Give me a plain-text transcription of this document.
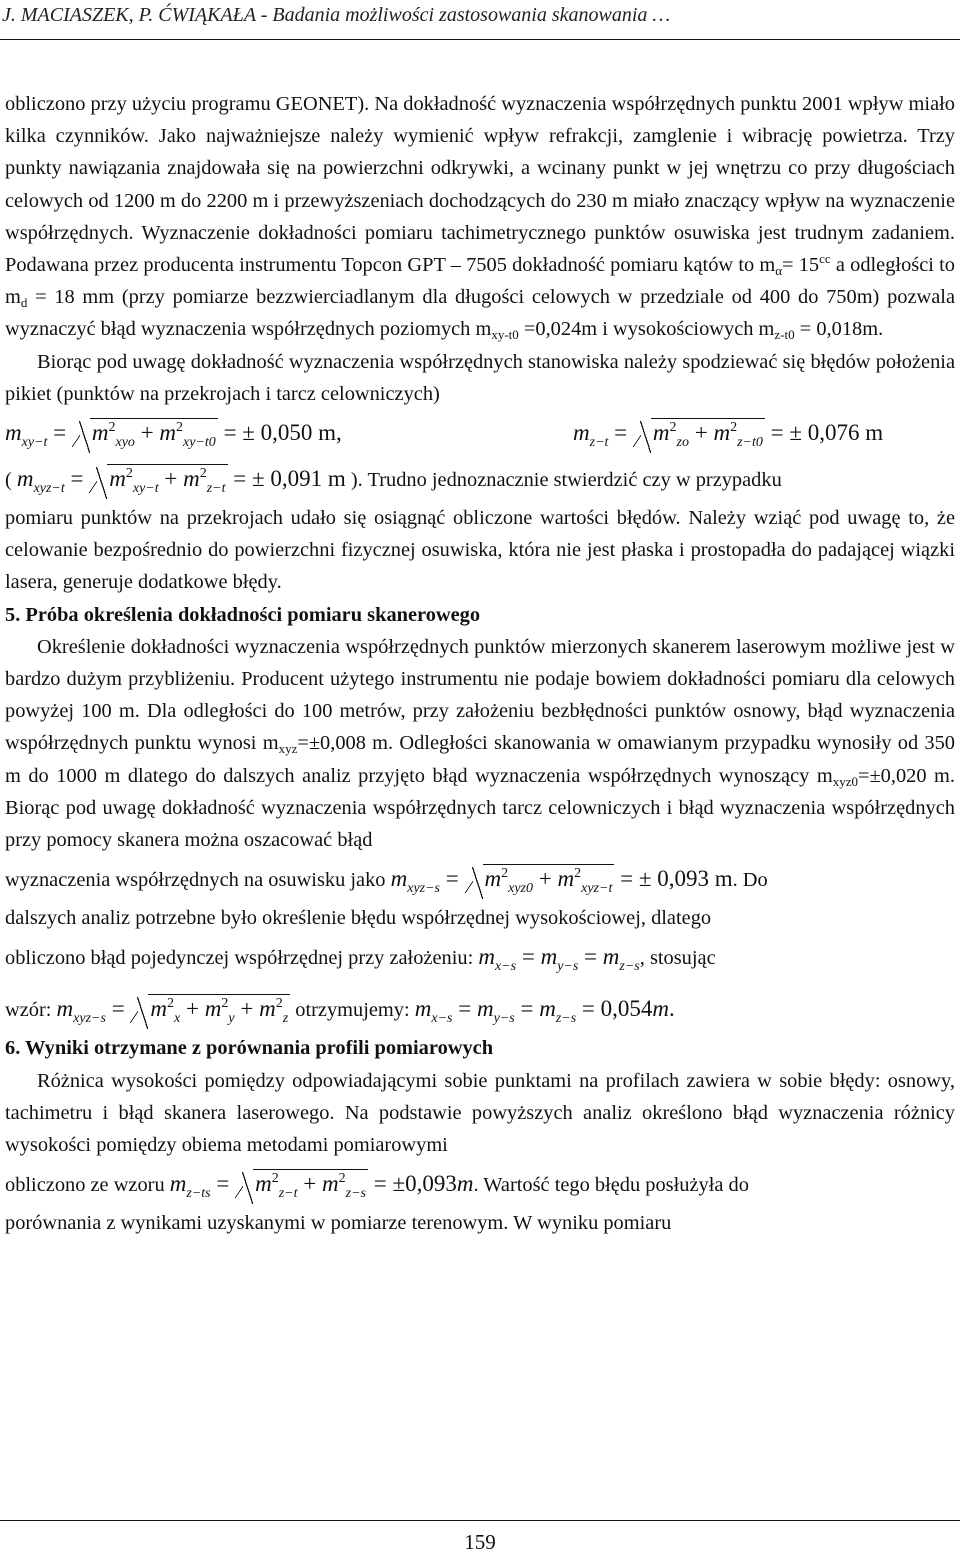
J. MACIASZEK, P. ĆWIĄKAŁA - Badania możliwości zastosowania skanowania …

obliczono przy użyciu programu GEONET). Na dokładność wyznaczenia współrzędnych punktu 2001 wpływ miało kilka czynników. Jako najważniejsze należy wymienić wpływ refrakcji, zamglenie i wibrację powietrza. Trzy punkty nawiązania znajdowała się na powierzchni odkrywki, a wcinany punkt w jej wnętrzu co przy długościach celowych od 1200 m do 2200 m i przewyższeniach dochodzących do 230 m miało znaczący wpływ na wyznaczenie współrzędnych. Wyznaczenie dokładności pomiaru tachimetrycznego punktów osuwiska jest trudnym zadaniem. Podawana przez producenta instrumentu Topcon GPT – 7505 dokładność pomiaru kątów to $m_\alpha= 15^{cc}$ a odległości to $m_d = 18$ mm (przy pomiarze bezzwierciadlanym dla długości celowych w przedziale od 400 do 750m) pozwala wyznaczyć błąd wyznaczenia współrzędnych poziomych $m_{xy-t0} =0,024m$ i wysokościowych $m_{z-t0} = 0,018m$.

Biorąc pod uwagę dokładność wyznaczenia współrzędnych stanowiska należy spodziewać się błędów położenia pikiet (punktów na przekrojach i tarcz celowniczych)

$m_{xy-t} = m^2_{xyo} + m^2_{xy-t0}$ = ± 0,050 m,	$m_{z-t} = m^2_{zo} + m^2_{z-t0}$ = ± 0,076 m
( $m_{xyz-t} = m^2_{xy-t} + m^2_{z-t}$ = ± 0,091 m ). Trudno jednoznacznie stwierdzić czy w przypadku

pomiaru punktów na przekrojach udało się osiągnąć obliczone wartości błędów. Należy wziąć pod uwagę to, że celowanie bezpośrednio do powierzchni fizycznej osuwiska, która nie jest płaska i prostopadła do padającej wiązki lasera, generuje dodatkowe błędy.

5. Próba określenia dokładności pomiaru skanerowego

Określenie dokładności wyznaczenia współrzędnych punktów mierzonych skanerem laserowym możliwe jest w bardzo dużym przybliżeniu. Producent użytego instrumentu nie podaje bowiem dokładności pomiaru dla celowych powyżej 100 m. Dla odległości do 100 metrów, przy założeniu bezbłędności punktów osnowy, błąd wyznaczenia współrzędnych punktu wynosi $m_{xyz}=\pm 0,008$ m. Odległości skanowania w omawianym przypadku wynosiły od 350 m do 1000 m dlatego do dalszych analiz przyjęto błąd wyznaczenia współrzędnych wynoszący $m_{xyz0}=\pm 0,020$ m. Biorąc pod uwagę dokładność wyznaczenia współrzędnych tarcz celowniczych i błąd wyznaczenia współrzędnych przy pomocy skanera można oszacować błąd

wyznaczenia współrzędnych na osuwisku jako $m_{xyz-s} = m^2_{xyz0} + m^2_{xyz-t}$ = ± 0,093 m. Do

dalszych analiz potrzebne było określenie błędu współrzędnej wysokościowej, dlatego

obliczono błąd pojedynczej współrzędnej przy założeniu: $m_{x-s} = m_{y-s} = m_{z-s}$, stosując
wzór: $m_{xyz-s} = m^2_x + m^2_y + m^2_z$ otrzymujemy: $m_{x-s} = m_{y-s} = m_{z-s} = 0,054m$.

6. Wyniki otrzymane z porównania profili pomiarowych

Różnica wysokości pomiędzy odpowiadającymi sobie punktami na profilach zawiera w sobie błędy: osnowy, tachimetru i błąd skanera laserowego. Na podstawie powyższych analiz określono błąd wyznaczenia różnicy wysokości pomiędzy obiema metodami pomiarowymi

obliczono ze wzoru $m_{z-ts} = m^2_{z-t} + m^2_{z-s} = \pm 0,093m$. Wartość tego błędu posłużyła do

porównania z wynikami uzyskanymi w pomiarze terenowym. W wyniku pomiaru

159
